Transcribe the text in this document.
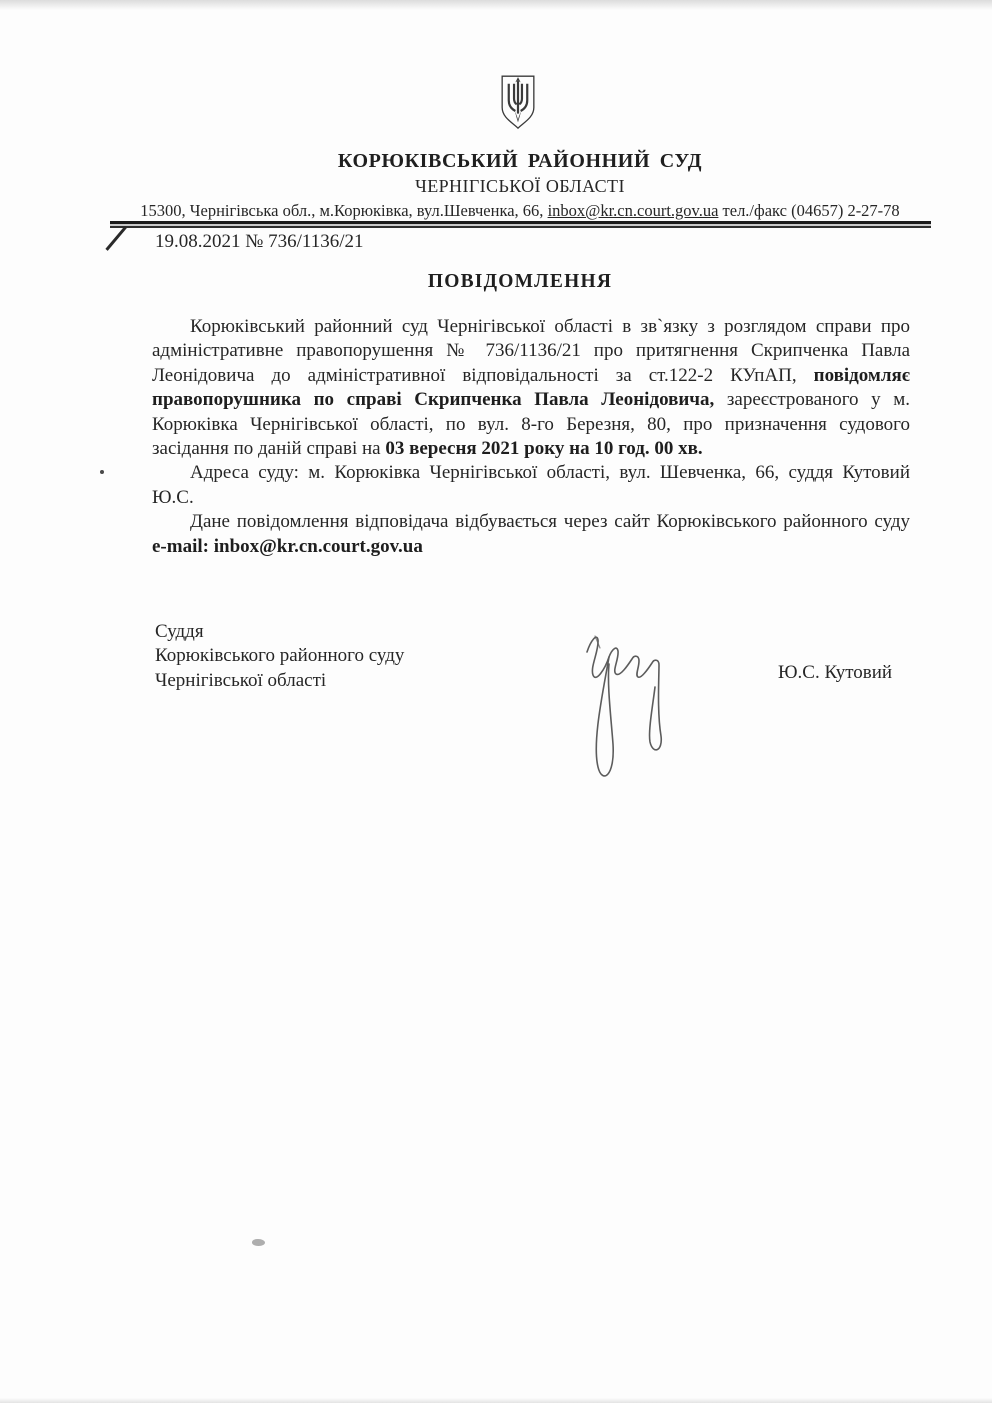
КОРЮКІВСЬКИЙ РАЙОННИЙ СУД
ЧЕРНІГІСЬКОЇ ОБЛАСТІ
15300, Чернігівська обл., м.Корюківка, вул.Шевченка, 66, inbox@kr.cn.court.gov.ua тел./факс (04657) 2-27-78
19.08.2021 № 736/1136/21
ПОВІДОМЛЕННЯ

Корюківський районний суд Чернігівської області в зв`язку з розглядом справи про адміністративне правопорушення № 736/1136/21 про притягнення Скрипченка Павла Леонідовича до адміністративної відповідальності за ст.122-2 КУпАП, повідомляє правопорушника по справі Скрипченка Павла Леонідовича, зареєстрованого у м. Корюківка Чернігівської області, по вул. 8-го Березня, 80, про призначення судового засідання по даній справі на 03 вересня 2021 року на 10 год. 00 хв.

Адреса суду: м. Корюківка Чернігівської області, вул. Шевченка, 66, суддя Кутовий Ю.С.

Дане повідомлення відповідача відбувається через сайт Корюківського районного суду e-mail: inbox@kr.cn.court.gov.ua

Суддя
Корюківського районного суду
Чернігівської області	Ю.С. Кутовий
